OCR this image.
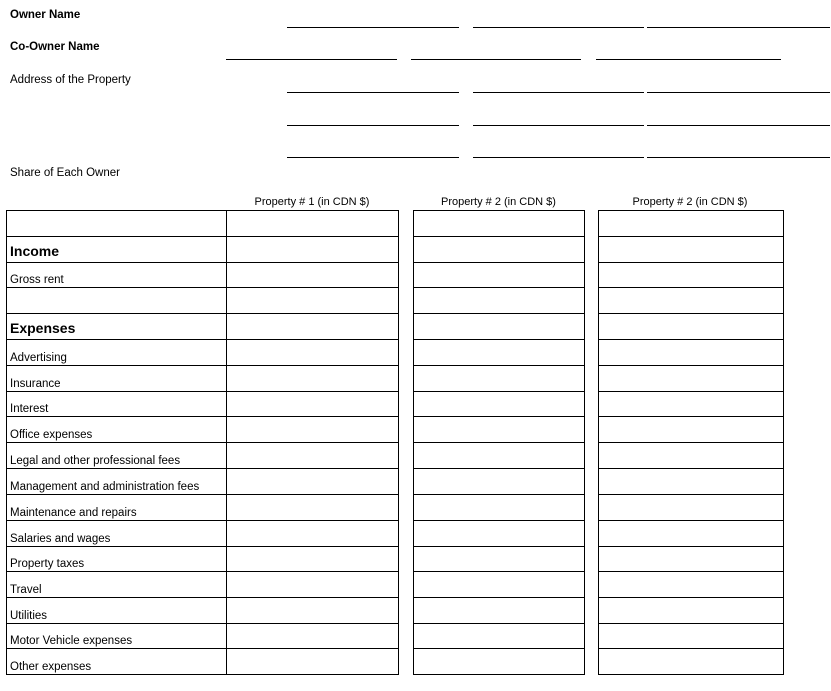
Owner Name
Co-Owner Name
Address of the Property
Share of Each Owner
Property # 1 (in CDN $)	Property # 2 (in CDN $)	Property # 2 (in CDN $)

Income	
Gross rent	

Expenses	
Advertising	
Insurance	
Interest	
Office expenses	
Legal and other professional fees	
Management and administration fees	
Maintenance and repairs	
Salaries and wages	
Property taxes	
Travel	
Utilities	
Motor Vehicle expenses	
Other expenses	
